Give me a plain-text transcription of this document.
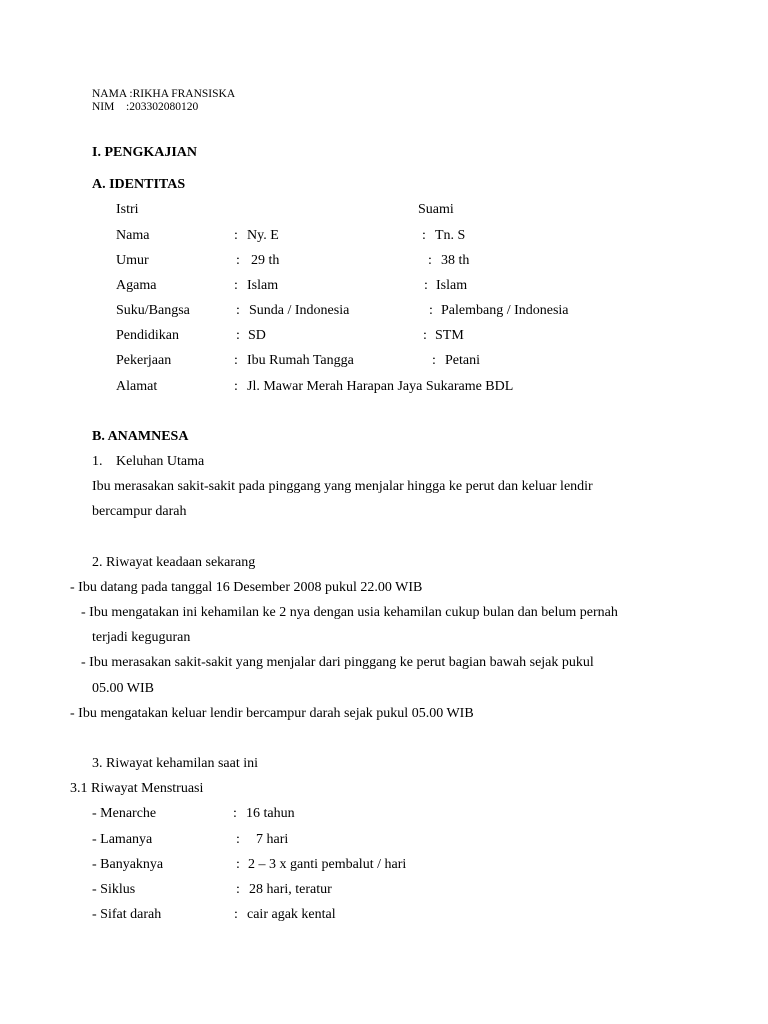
NAMA :RIKHA FRANSISKA
NIM :203302080120
I. PENGKAJIAN
A. IDENTITAS
Istri	Suami
Nama	: Ny. E	: Tn. S
Umur	: 29 th	: 38 th
Agama	: Islam	: Islam
Suku/Bangsa	: Sunda / Indonesia	: Palembang / Indonesia
Pendidikan	: SD	: STM
Pekerjaan	: Ibu Rumah Tangga	: Petani
Alamat	: Jl. Mawar Merah Harapan Jaya Sukarame BDL
B. ANAMNESA
1. Keluhan Utama
Ibu merasakan sakit-sakit pada pinggang yang menjalar hingga ke perut dan keluar lendir
bercampur darah
2. Riwayat keadaan sekarang
- Ibu datang pada tanggal 16 Desember 2008 pukul 22.00 WIB
- Ibu mengatakan ini kehamilan ke 2 nya dengan usia kehamilan cukup bulan dan belum pernah
terjadi keguguran
- Ibu merasakan sakit-sakit yang menjalar dari pinggang ke perut bagian bawah sejak pukul
05.00 WIB
- Ibu mengatakan keluar lendir bercampur darah sejak pukul 05.00 WIB
3. Riwayat kehamilan saat ini
3.1 Riwayat Menstruasi
- Menarche	: 16 tahun
- Lamanya	: 7 hari
- Banyaknya	: 2 – 3 x ganti pembalut / hari
- Siklus	: 28 hari, teratur
- Sifat darah	: cair agak kental
